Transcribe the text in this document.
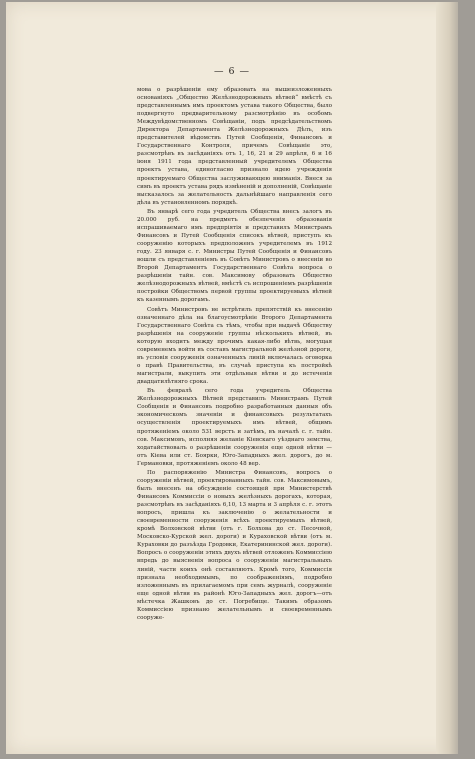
— 6 —

мова о разрѣшеніи ему образовать на вышеизложенныхъ основаніяхъ „Общество Желѣзнодорожныхъ вѣтвей“ вмѣстѣ съ представленнымъ имъ проектомъ устава такого Общества, было подвергнуто предварительному разсмотрѣнію въ особомъ Междувѣдомственномъ Совѣщаніи, подъ предсѣдательствомъ Директора Департамента Желѣзнодорожныхъ Дѣлъ, изъ представителей вѣдомствъ Путей Сообщенія, Финансовъ и Государственнаго Контроля, причемъ Совѣщаніе это, разсмотрѣвъ въ засѣданіяхъ отъ 1, 16, 21 и 29 апрѣля, 6 и 16 іюня 1911 года представленный учредителемъ Общества проектъ устава, единогласно признало идею учрежденія проектируемаго Общества заслуживающею вниманія. Внеся за симъ въ проектъ устава рядъ измѣненій и дополненій, Совѣщаніе высказалось за желательность дальнѣйшаго направленія сего дѣла въ установленномъ порядкѣ.

Въ январѣ сего года учредитель Общества внесъ залогъ въ 20.000 руб. на предметъ обезпеченія образованія испрашиваемаго имъ предпріятія и представилъ Министрамъ Финансовъ и Путей Сообщенія списокъ вѣтвей, приступъ къ сооруженію которыхъ предположенъ учредителемъ въ 1912 году. 23 января с. г. Министры Путей Сообщенія и Финансовъ вошли съ представленіемъ въ Совѣтъ Министровъ о внесеніи во Второй Департаментъ Государственнаго Совѣта вопроса о разрѣшеніи тайн. сов. Максимову образовать Общество желѣзнодорожныхъ вѣтвей, вмѣстѣ съ испрошеніемъ разрѣшенія постройки Обществомъ первой группы проектируемыхъ вѣтвей къ казеннымъ дорогамъ.

Совѣтъ Министровъ не встрѣтилъ препятствій къ внесенію означеннаго дѣла на благоусмотрѣніе Второго Департамента Государственнаго Совѣта съ тѣмъ, чтобы при выдачѣ Обществу разрѣшенія на сооруженіе группы нѣсколькихъ вѣтвей, въ которую входитъ между прочимъ какая-либо вѣтвь, могущая современемъ войти въ составъ магистральной желѣзной дороги, въ условія сооруженія означенныхъ линій включалась оговорка о правѣ Правительства, въ случаѣ приступа къ постройкѣ магистрали, выкупить эти отдѣльныя вѣтви и до истеченія двадцатилѣтняго срока.

Въ февралѣ сего года учредитель Общества Желѣзнодорожныхъ Вѣтвей представилъ Министрамъ Путей Сообщенія и Финансовъ подробно разработанныя данныя объ экономическомъ значеніи и финансовыхъ результатахъ осуществленія проектируемыхъ имъ вѣтвей, общимъ протяженіемъ около 531 верстъ и затѣмъ, въ началѣ с. г. тайн. сов. Максимовъ, исполняя желаніе Кіевскаго уѣзднаго земства, ходатайствовалъ о разрѣшеніи сооруженія еще одной вѣтви —отъ Кіева или ст. Боярки, Юго-Западныхъ жел. дорогъ, до м. Германовки, протяженіемъ около 48 вер.

По распоряженію Министра Финансовъ, вопросъ о сооруженіи вѣтвей, проектированныхъ тайн. сов. Максимовымъ, былъ внесенъ на обсужденіе состоящей при Министерствѣ Финансовъ Коммиссіи о новыхъ желѣзныхъ дорогахъ, которая, разсмотрѣвъ въ засѣданіяхъ 6,10, 13 марта и 3 апрѣля с. г. этотъ вопросъ, пришла къ заключенію о желательности и своевременности сооруженія всѣхъ проектируемыхъ вѣтвей, кромѣ Волховской вѣтви (отъ г. Болхова до ст. Песочной, Московско-Курской жел. дороги) и Кураховской вѣтви (отъ м. Кураховки до разъѣзда Гродовки, Екатерининской жел. дороги). Вопросъ о сооруженіи этихъ двухъ вѣтвей отложенъ Коммиссіею впредь до выясненія вопроса о сооруженіи магистральныхъ линій, части коихъ онѣ составляютъ. Кромѣ того, Коммиссія признала необходимымъ, по соображеніямъ, подробно изложеннымъ въ прилагаемомъ при семъ журналѣ, сооруженіе еще одной вѣтви въ районѣ Юго-Западныхъ жел. дорогъ—отъ мѣстечка Жашковъ до ст. Погребище. Такимъ образомъ Коммиссіею признано желательнымъ и своевременнымъ сооруже-
